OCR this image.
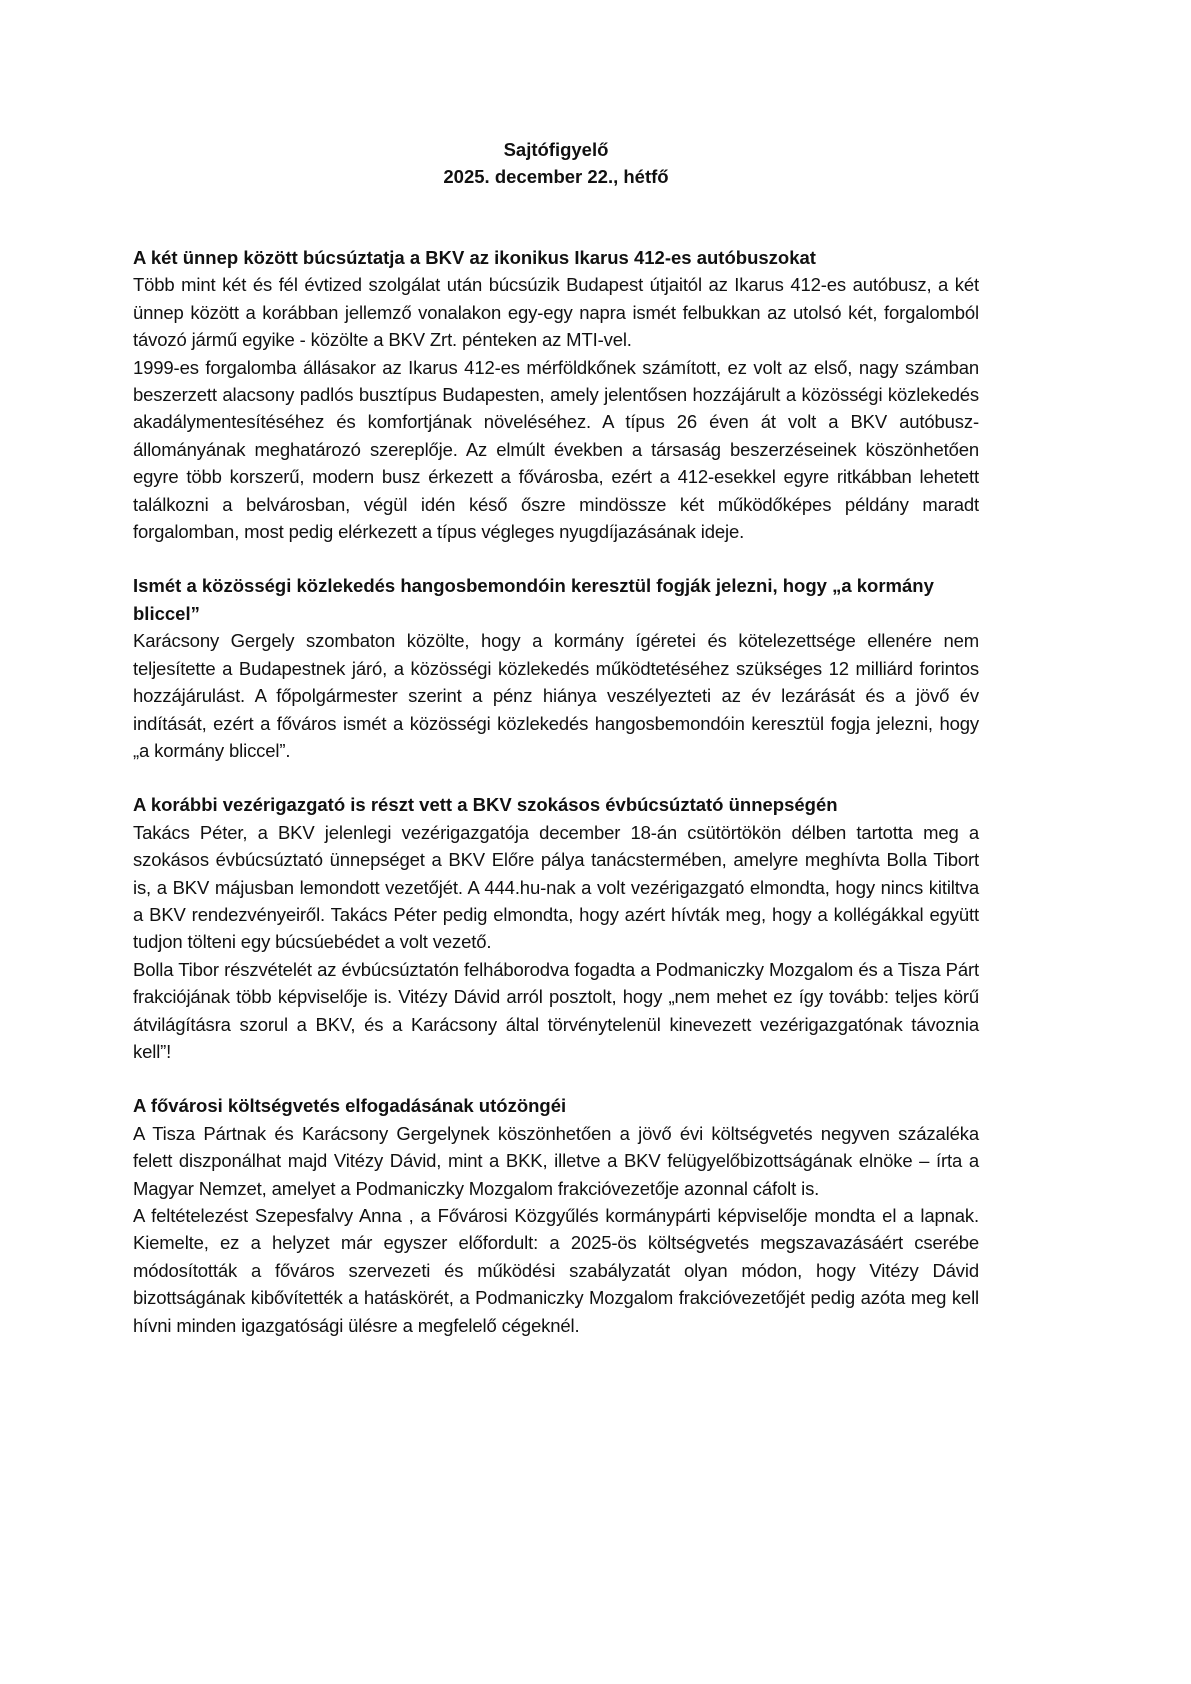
Sajtófigyelő
2025. december 22., hétfő

A két ünnep között búcsúztatja a BKV az ikonikus Ikarus 412-es autóbuszokat

Több mint két és fél évtized szolgálat után búcsúzik Budapest útjaitól az Ikarus 412-es autóbusz, a két ünnep között a korábban jellemző vonalakon egy-egy napra ismét felbukkan az utolsó két, forgalomból távozó jármű egyike - közölte a BKV Zrt. pénteken az MTI-vel.

1999-es forgalomba állásakor az Ikarus 412-es mérföldkőnek számított, ez volt az első, nagy számban beszerzett alacsony padlós busztípus Budapesten, amely jelentősen hozzájárult a közösségi közlekedés akadálymentesítéséhez és komfortjának növeléséhez. A típus 26 éven át volt a BKV autóbusz-állományának meghatározó szereplője. Az elmúlt években a társaság beszerzéseinek köszönhetően egyre több korszerű, modern busz érkezett a fővárosba, ezért a 412-esekkel egyre ritkábban lehetett találkozni a belvárosban, végül idén késő őszre mindössze két működőképes példány maradt forgalomban, most pedig elérkezett a típus végleges nyugdíjazásának ideje.

Ismét a közösségi közlekedés hangosbemondóin keresztül fogják jelezni, hogy „a kormány bliccel”

Karácsony Gergely szombaton közölte, hogy a kormány ígéretei és kötelezettsége ellenére nem teljesítette a Budapestnek járó, a közösségi közlekedés működtetéséhez szükséges 12 milliárd forintos hozzájárulást. A főpolgármester szerint a pénz hiánya veszélyezteti az év lezárását és a jövő év indítását, ezért a főváros ismét a közösségi közlekedés hangosbemondóin keresztül fogja jelezni, hogy „a kormány bliccel”.

A korábbi vezérigazgató is részt vett a BKV szokásos évbúcsúztató ünnepségén

Takács Péter, a BKV jelenlegi vezérigazgatója december 18-án csütörtökön délben tartotta meg a szokásos évbúcsúztató ünnepséget a BKV Előre pálya tanácstermében, amelyre meghívta Bolla Tibort is, a BKV májusban lemondott vezetőjét. A 444.hu-nak a volt vezérigazgató elmondta, hogy nincs kitiltva a BKV rendezvényeiről. Takács Péter pedig elmondta, hogy azért hívták meg, hogy a kollégákkal együtt tudjon tölteni egy búcsúebédet a volt vezető.

Bolla Tibor részvételét az évbúcsúztatón felháborodva fogadta a Podmaniczky Mozgalom és a Tisza Párt frakciójának több képviselője is. Vitézy Dávid arról posztolt, hogy „nem mehet ez így tovább: teljes körű átvilágításra szorul a BKV, és a Karácsony által törvénytelenül kinevezett vezérigazgatónak távoznia kell”!

A fővárosi költségvetés elfogadásának utózöngéi

A Tisza Pártnak és Karácsony Gergelynek köszönhetően a jövő évi költségvetés negyven százaléka felett diszponálhat majd Vitézy Dávid, mint a BKK, illetve a BKV felügyelőbizottságának elnöke – írta a Magyar Nemzet, amelyet a Podmaniczky Mozgalom frakcióvezetője azonnal cáfolt is.

A feltételezést Szepesfalvy Anna , a Fővárosi Közgyűlés kormánypárti képviselője mondta el a lapnak. Kiemelte, ez a helyzet már egyszer előfordult: a 2025-ös költségvetés megszavazásáért cserébe módosították a főváros szervezeti és működési szabályzatát olyan módon, hogy Vitézy Dávid bizottságának kibővítették a hatáskörét, a Podmaniczky Mozgalom frakcióvezetőjét pedig azóta meg kell hívni minden igazgatósági ülésre a megfelelő cégeknél.
